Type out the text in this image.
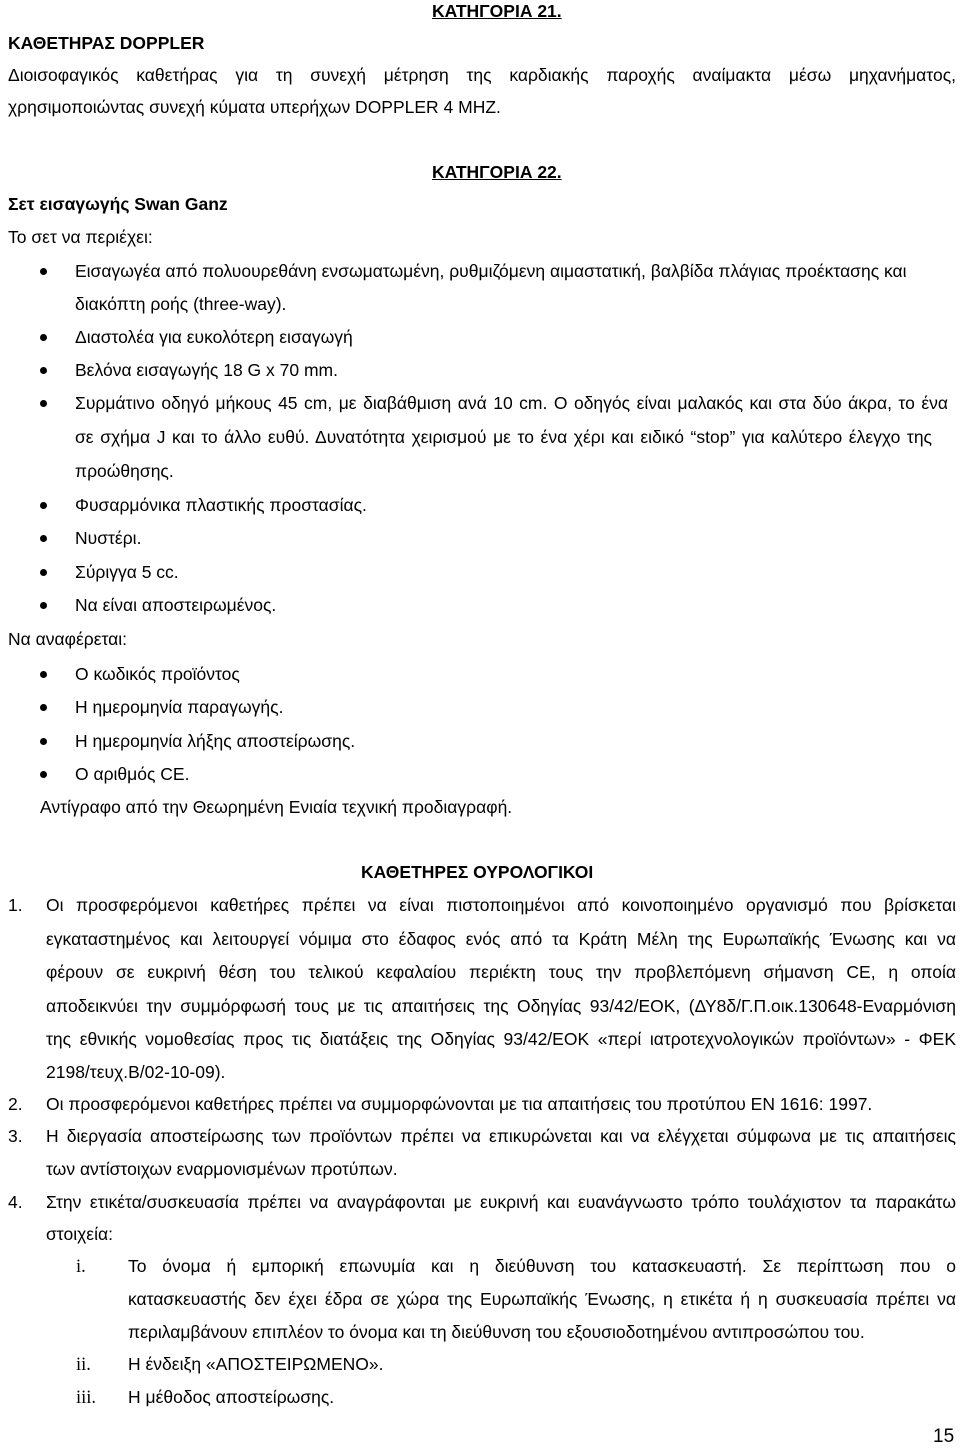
ΚΑΤΗΓΟΡΙΑ 21.
ΚΑΘΕΤΗΡΑΣ DOPPLER
Διοισοφαγικός καθετήρας για τη συνεχή μέτρηση της καρδιακής παροχής αναίμακτα μέσω μηχανήματος,
χρησιμοποιώντας συνεχή κύματα υπερήχων DOPPLER 4 MHZ.
ΚΑΤΗΓΟΡΙΑ 22.
Σετ εισαγωγής Swan Ganz
Το σετ να περιέχει:
Εισαγωγέα από πολυουρεθάνη ενσωματωμένη, ρυθμιζόμενη αιμαστατική, βαλβίδα πλάγιας προέκτασης και
διακόπτη ροής (three-way).
Διαστολέα για ευκολότερη εισαγωγή
Βελόνα εισαγωγής 18 G x 70 mm.
Συρμάτινο οδηγό μήκους 45 cm, με διαβάθμιση ανά 10 cm. Ο οδηγός είναι μαλακός και στα δύο άκρα, το ένα
σε σχήμα J και το άλλο ευθύ. Δυνατότητα χειρισμού με το ένα χέρι και ειδικό “stop” για καλύτερο έλεγχο της
προώθησης.
Φυσαρμόνικα πλαστικής προστασίας.
Νυστέρι.
Σύριγγα 5 cc.
Να είναι αποστειρωμένος.
Να αναφέρεται:
Ο κωδικός προϊόντος
Η ημερομηνία παραγωγής.
Η ημερομηνία λήξης αποστείρωσης.
Ο αριθμός CE.
Αντίγραφο από την Θεωρημένη Ενιαία τεχνική προδιαγραφή.
ΚΑΘΕΤΗΡΕΣ ΟΥΡΟΛΟΓΙΚΟΙ
1. Οι προσφερόμενοι καθετήρες πρέπει να είναι πιστοποιημένοι από κοινοποιημένο οργανισμό που βρίσκεται
εγκαταστημένος και λειτουργεί νόμιμα στο έδαφος ενός από τα Κράτη Μέλη της Ευρωπαϊκής Ένωσης και να
φέρουν σε ευκρινή θέση του τελικού κεφαλαίου περιέκτη τους την προβλεπόμενη σήμανση CE, η οποία
αποδεικνύει την συμμόρφωσή τους με τις απαιτήσεις της Οδηγίας 93/42/ΕΟΚ, (ΔΥ8δ/Γ.Π.οικ.130648-Εναρμόνιση
της εθνικής νομοθεσίας προς τις διατάξεις της Οδηγίας 93/42/ΕΟΚ «περί ιατροτεχνολογικών προϊόντων» - ΦΕΚ
2198/τευχ.Β/02-10-09).
2. Οι προσφερόμενοι καθετήρες πρέπει να συμμορφώνονται με τια απαιτήσεις του προτύπου ΕΝ 1616: 1997.
3. Η διεργασία αποστείρωσης των προϊόντων πρέπει να επικυρώνεται και να ελέγχεται σύμφωνα με τις απαιτήσεις
των αντίστοιχων εναρμονισμένων προτύπων.
4. Στην ετικέτα/συσκευασία πρέπει να αναγράφονται με ευκρινή και ευανάγνωστο τρόπο τουλάχιστον τα παρακάτω
στοιχεία:
i. Το όνομα ή εμπορική επωνυμία και η διεύθυνση του κατασκευαστή. Σε περίπτωση που ο
κατασκευαστής δεν έχει έδρα σε χώρα της Ευρωπαϊκής Ένωσης, η ετικέτα ή η συσκευασία πρέπει να
περιλαμβάνουν επιπλέον το όνομα και τη διεύθυνση του εξουσιοδοτημένου αντιπροσώπου του.
ii. Η ένδειξη «ΑΠΟΣΤΕΙΡΩΜΕΝΟ».
iii. Η μέθοδος αποστείρωσης.
15
